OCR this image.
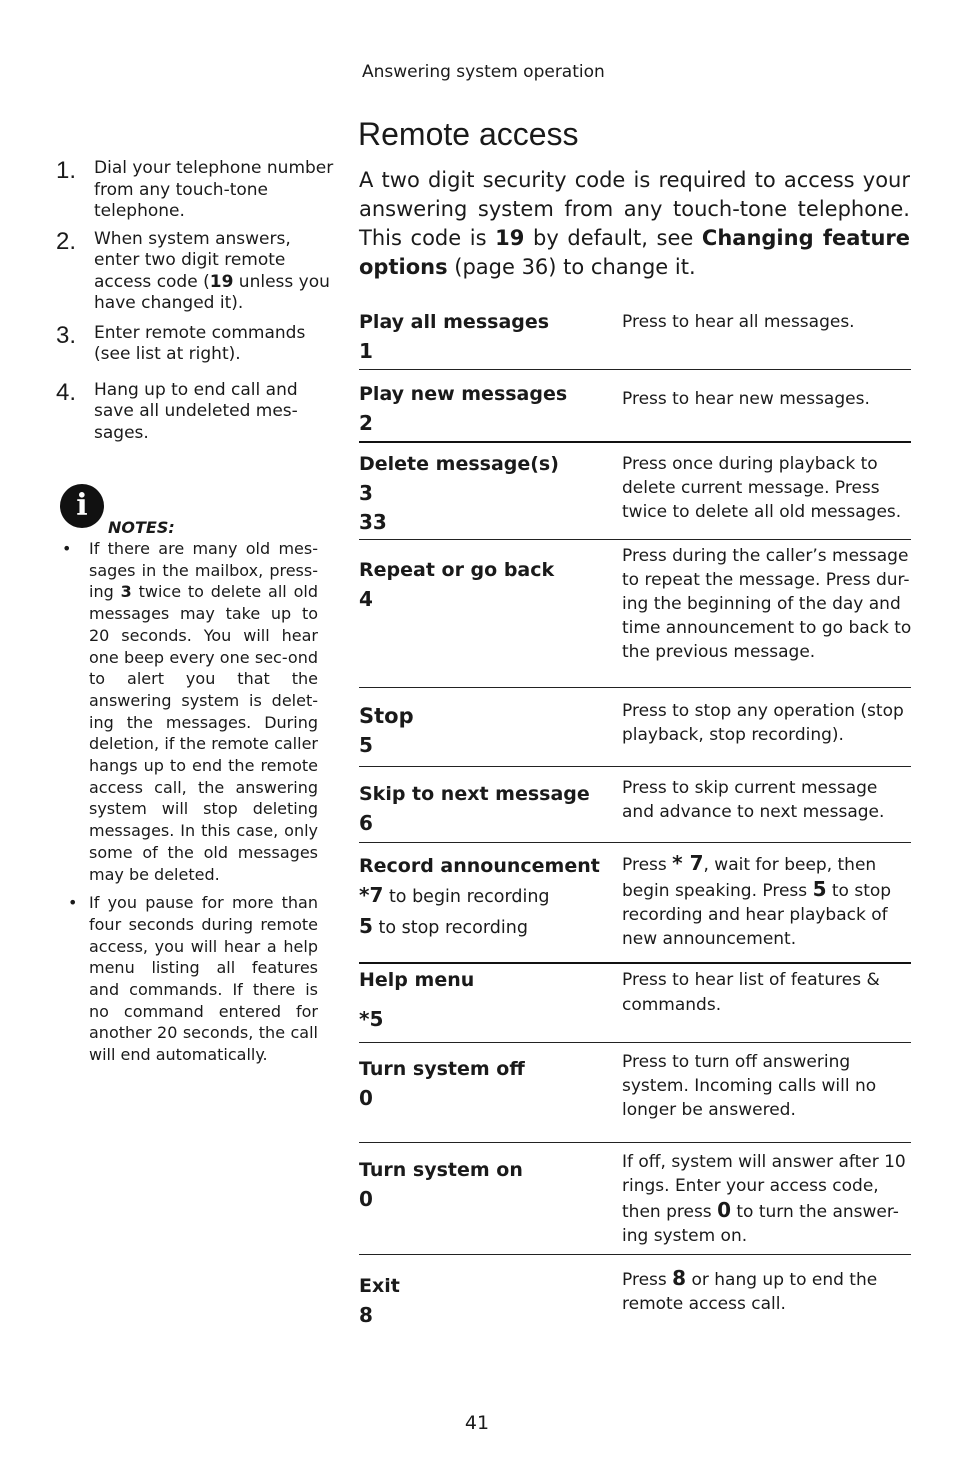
Answering system operation
Remote access

A two digit security code is required to access your answering system from any touch-tone telephone. This code is 19 by default, see Changing feature options (page 36) to change it.

1. Dial your telephone number from any touch-tone telephone.
2. When system answers, enter two digit remote access code (19 unless you have changed it).
3. Enter remote commands (see list at right).
4. Hang up to end call and save all undeleted mes-sages.
i
NOTES:
• If there are many old mes-sages in the mailbox, press-ing 3 twice to delete all old messages may take up to 20 seconds. You will hear one beep every one sec-ond to alert you that the answering system is delet-ing the messages. During deletion, if the remote caller hangs up to end the remote access call, the answering system will stop deleting messages. In this case, only some of the old messages may be deleted.
• If you pause for more than four seconds during remote access, you will hear a help menu listing all features and commands. If there is no command entered for another 20 seconds, the call will end automatically.
Play all messages
1
Press to hear all messages.
Play new messages
2
Press to hear new messages.
Delete message(s)
3
33
Press once during playback to delete current message. Press twice to delete all old messages.
Repeat or go back
4
Press during the caller’s message to repeat the message. Press dur-ing the beginning of the day and time announcement to go back to the previous message.
Stop
5
Press to stop any operation (stop playback, stop recording).
Skip to next message
6
Press to skip current message and advance to next message.
Record announcement
*7 to begin recording
5 to stop recording
Press * 7, wait for beep, then begin speaking. Press 5 to stop recording and hear playback of new announcement.
Help menu
*5
Press to hear list of features & commands.
Turn system off
0
Press to turn off answering system. Incoming calls will no longer be answered.
Turn system on
0
If off, system will answer after 10 rings. Enter your access code, then press 0 to turn the answer-ing system on.
Exit
8
Press 8 or hang up to end the remote access call.
41
